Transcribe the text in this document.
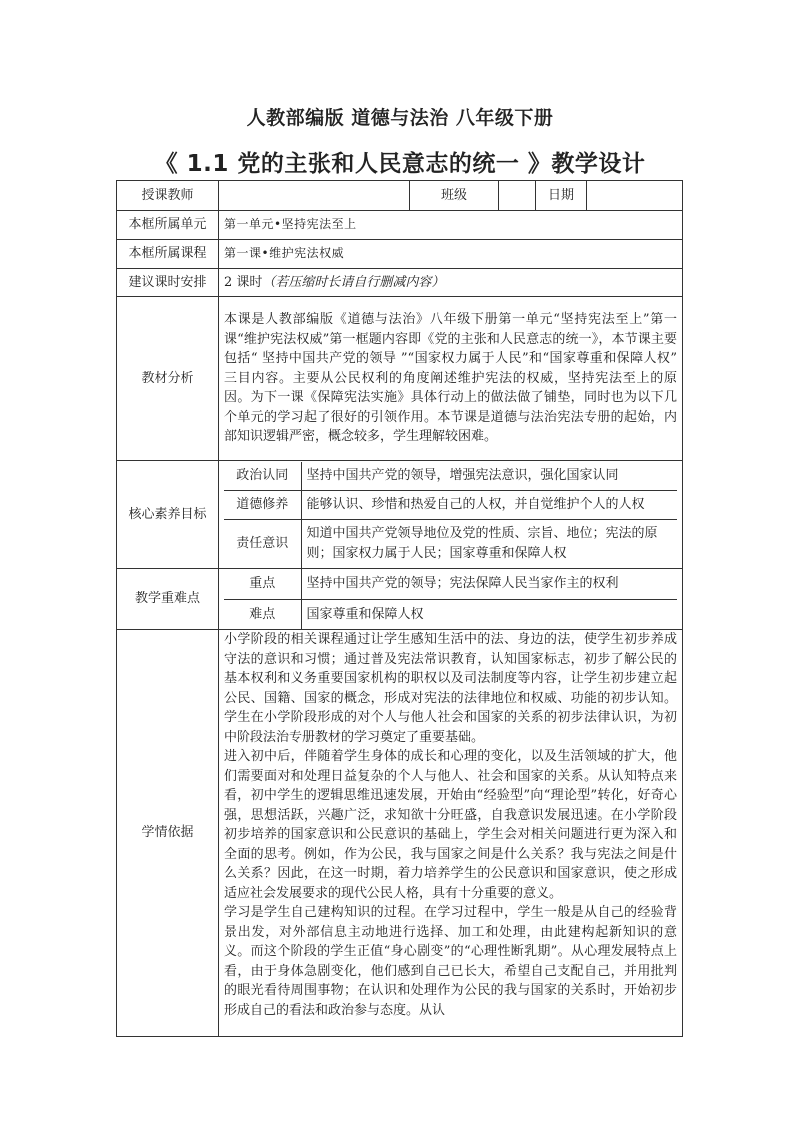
人教部编版 道德与法治 八年级下册
《 1.1 党的主张和人民意志的统一 》教学设计
授课教师		班级		日期	
本框所属单元	第一单元•坚持宪法至上
本框所属课程	第一课•维护宪法权威
建议课时安排	2 课时（若压缩时长请自行删减内容）
教材分析	本课是人教部编版《道德与法治》八年级下册第一单元“坚持宪法至上”第一课“维护宪法权威”第一框题内容即《党的主张和人民意志的统一》，本节课主要包括“ 坚持中国共产党的领导 ”“国家权力属于人民”和“国家尊重和保障人权” 三目内容。主要从公民权利的角度阐述维护宪法的权威，坚持宪法至上的原因。为下一课《保障宪法实施》具体行动上的做法做了铺垫，同时也为以下几个单元的学习起了很好的引领作用。本节课是道德与法治宪法专册的起始，内部知识逻辑严密，概念较多，学生理解较困难。
核心素养目标	
政治认同	坚持中国共产党的领导，增强宪法意识，强化国家认同
道德修养	能够认识、珍惜和热爱自己的人权，并自觉维护个人的人权
责任意识	知道中国共产党领导地位及党的性质、宗旨、地位；宪法的原则；国家权力属于人民；国家尊重和保障人权

教学重难点	
重点	坚持中国共产党的领导；宪法保障人民当家作主的权利
难点	国家尊重和保障人权

学情依据	
小学阶段的相关课程通过让学生感知生活中的法、身边的法，使学生初步养成守法的意识和习惯；通过普及宪法常识教育，认知国家标志，初步了解公民的基本权利和义务重要国家机构的职权以及司法制度等内容，让学生初步建立起公民、国籍、国家的概念，形成对宪法的法律地位和权威、功能的初步认知。学生在小学阶段形成的对个人与他人社会和国家的关系的初步法律认识，为初中阶段法治专册教材的学习奠定了重要基础。
进入初中后，伴随着学生身体的成长和心理的变化，以及生活领域的扩大，他们需要面对和处理日益复杂的个人与他人、社会和国家的关系。从认知特点来看，初中学生的逻辑思维迅速发展，开始由“经验型”向“理论型”转化，好奇心强，思想活跃，兴趣广泛，求知欲十分旺盛，自我意识发展迅速。在小学阶段初步培养的国家意识和公民意识的基础上，学生会对相关问题进行更为深入和全面的思考。例如，作为公民，我与国家之间是什么关系？我与宪法之间是什么关系？因此，在这一时期，着力培养学生的公民意识和国家意识，使之形成适应社会发展要求的现代公民人格，具有十分重要的意义。
学习是学生自己建构知识的过程。在学习过程中，学生一般是从自己的经验背景出发，对外部信息主动地进行选择、加工和处理，由此建构起新知识的意义。而这个阶段的学生正值“身心剧变”的“心理性断乳期”。从心理发展特点上看，由于身体急剧变化，他们感到自己已长大，希望自己支配自己，并用批判的眼光看待周围事物；在认识和处理作为公民的我与国家的关系时，开始初步形成自己的看法和政治参与态度。从认
